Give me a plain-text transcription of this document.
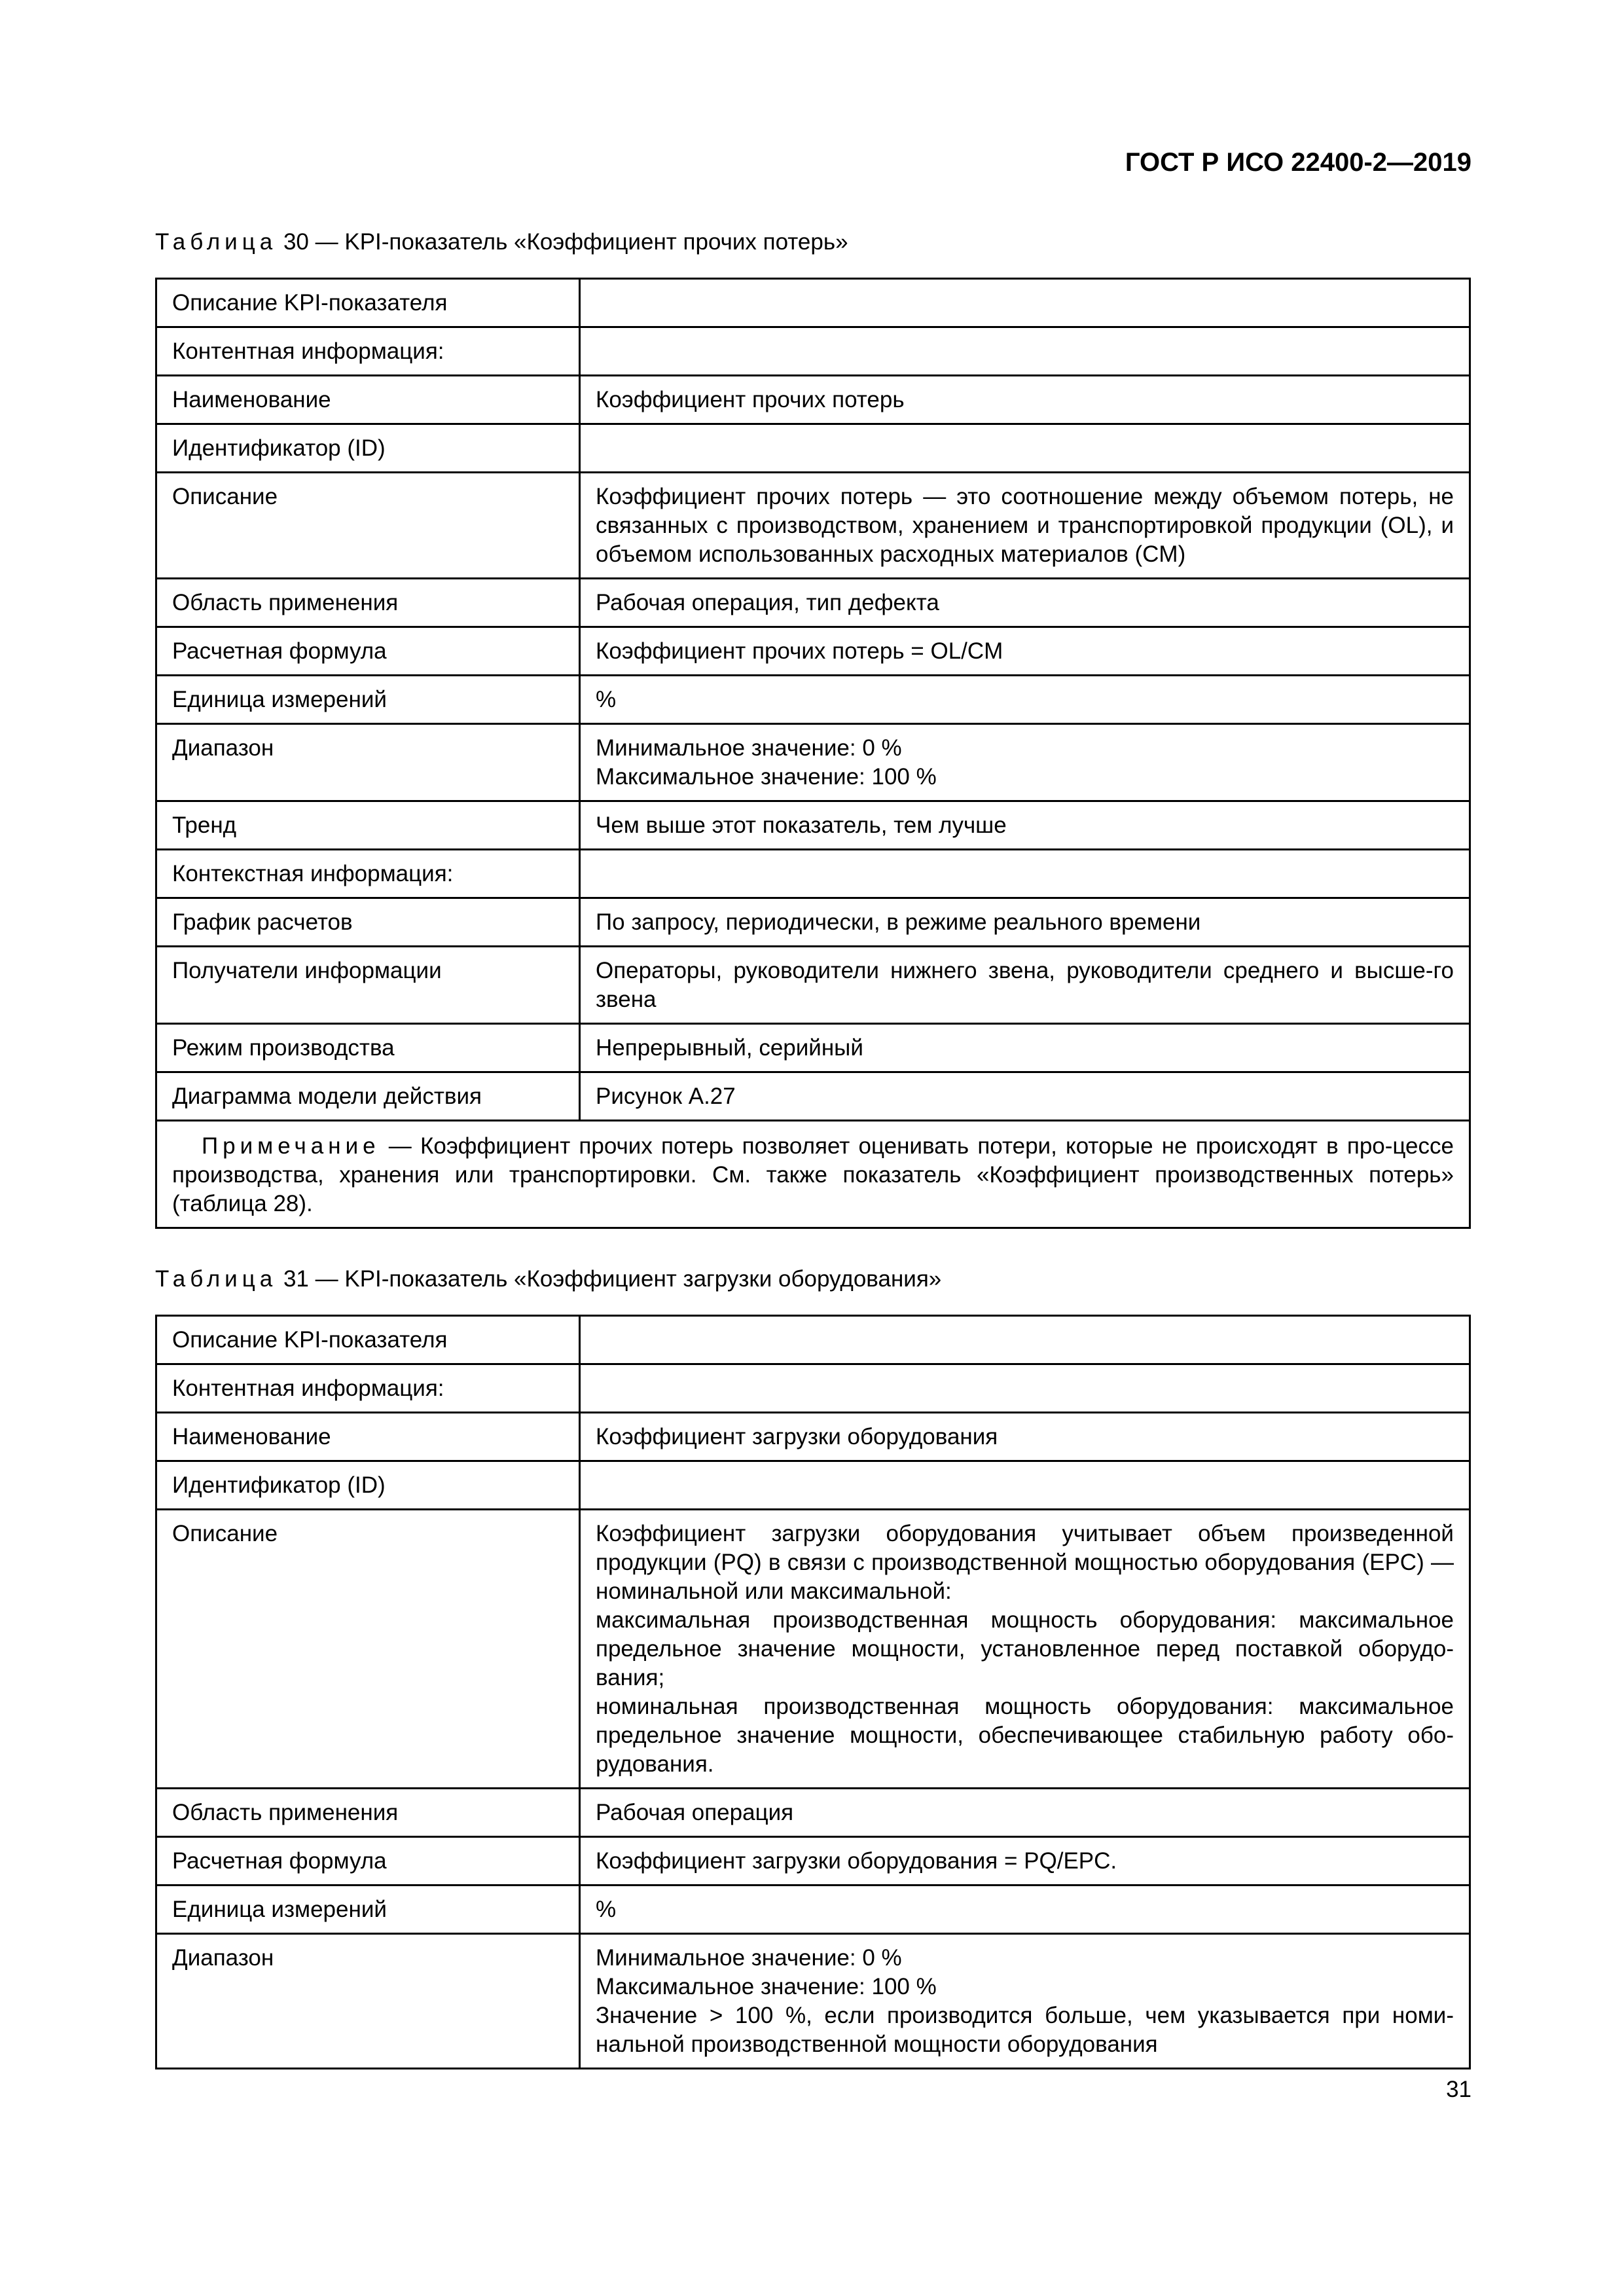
ГОСТ Р ИСО 22400-2—2019
Таблица 30 — KPI-показатель «Коэффициент прочих потерь»
Описание KPI-показателя	
Контентная информация:	
Наименование	Коэффициент прочих потерь
Идентификатор (ID)	
Описание	Коэффициент прочих потерь — это соотношение между объемом потерь, не связанных с производством, хранением и транспортировкой продукции (OL), и объемом использованных расходных материалов (CM)
Область применения	Рабочая операция, тип дефекта
Расчетная формула	Коэффициент прочих потерь = OL/CM
Единица измерений	%
Диапазон	Минимальное значение: 0 %
Максимальное значение: 100 %

Тренд	Чем выше этот показатель, тем лучше
Контекстная информация:	
График расчетов	По запросу, периодически, в режиме реального времени
Получатели информации	Операторы, руководители нижнего звена, руководители среднего и высше-го звена
Режим производства	Непрерывный, серийный
Диаграмма модели действия	Рисунок А.27
Примечание — Коэффициент прочих потерь позволяет оценивать потери, которые не происходят в про-цессе производства, хранения или транспортировки. См. также показатель «Коэффициент производственных потерь» (таблица 28).	
Таблица 31 — KPI-показатель «Коэффициент загрузки оборудования»
Описание KPI-показателя	
Контентная информация:	
Наименование	Коэффициент загрузки оборудования
Идентификатор (ID)	
Описание	Коэффициент загрузки оборудования учитывает объем произведенной продукции (PQ) в связи с производственной мощностью оборудования (EPC) — номинальной или максимальной:
максимальная производственная мощность оборудования: максимальное предельное значение мощности, установленное перед поставкой оборудо-вания;
номинальная производственная мощность оборудования: максимальное предельное значение мощности, обеспечивающее стабильную работу обо-рудования.

Область применения	Рабочая операция
Расчетная формула	Коэффициент загрузки оборудования = PQ/EPC.
Единица измерений	%
Диапазон	Минимальное значение: 0 %
Максимальное значение: 100 %
Значение > 100 %, если производится больше, чем указывается при номи-нальной производственной мощности оборудования
31
